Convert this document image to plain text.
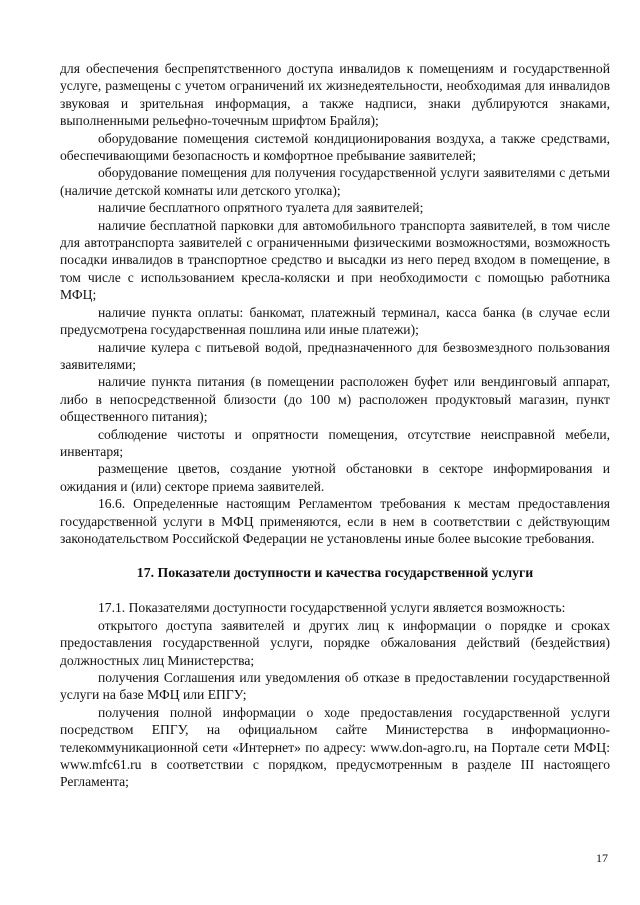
для обеспечения беспрепятственного доступа инвалидов к помещениям и государственной услуге, размещены с учетом ограничений их жизнедеятельности, необходимая для инвалидов звуковая и зрительная информация, а также надписи, знаки дублируются знаками, выполненными рельефно-точечным шрифтом Брайля);

оборудование помещения системой кондиционирования воздуха, а также средствами, обеспечивающими безопасность и комфортное пребывание заявителей;

оборудование помещения для получения государственной услуги заявителями с детьми (наличие детской комнаты или детского уголка);

наличие бесплатного опрятного туалета для заявителей;

наличие бесплатной парковки для автомобильного транспорта заявителей, в том числе для автотранспорта заявителей с ограниченными физическими возможностями, возможность посадки инвалидов в транспортное средство и высадки из него перед входом в помещение, в том числе с использованием кресла-коляски и при необходимости с помощью работника МФЦ;

наличие пункта оплаты: банкомат, платежный терминал, касса банка (в случае если предусмотрена государственная пошлина или иные платежи);

наличие кулера с питьевой водой, предназначенного для безвозмездного пользования заявителями;

наличие пункта питания (в помещении расположен буфет или вендинговый аппарат, либо в непосредственной близости (до 100 м) расположен продуктовый магазин, пункт общественного питания);

соблюдение чистоты и опрятности помещения, отсутствие неисправной мебели, инвентаря;

размещение цветов, создание уютной обстановки в секторе информирования и ожидания и (или) секторе приема заявителей.

16.6. Определенные настоящим Регламентом требования к местам предоставления государственной услуги в МФЦ применяются, если в нем в соответствии с действующим законодательством Российской Федерации не установлены иные более высокие требования.

17. Показатели доступности и качества государственной услуги

17.1. Показателями доступности государственной услуги является возможность:

открытого доступа заявителей и других лиц к информации о порядке и сроках предоставления государственной услуги, порядке обжалования действий (бездействия) должностных лиц Министерства;

получения Соглашения или уведомления об отказе в предоставлении государственной услуги на базе МФЦ или ЕПГУ;

получения полной информации о ходе предоставления государственной услуги посредством ЕПГУ, на официальном сайте Министерства в информационно-телекоммуникационной сети «Интернет» по адресу: www.don-agro.ru, на Портале сети МФЦ: www.mfc61.ru в соответствии с порядком, предусмотренным в разделе III настоящего Регламента;

17
